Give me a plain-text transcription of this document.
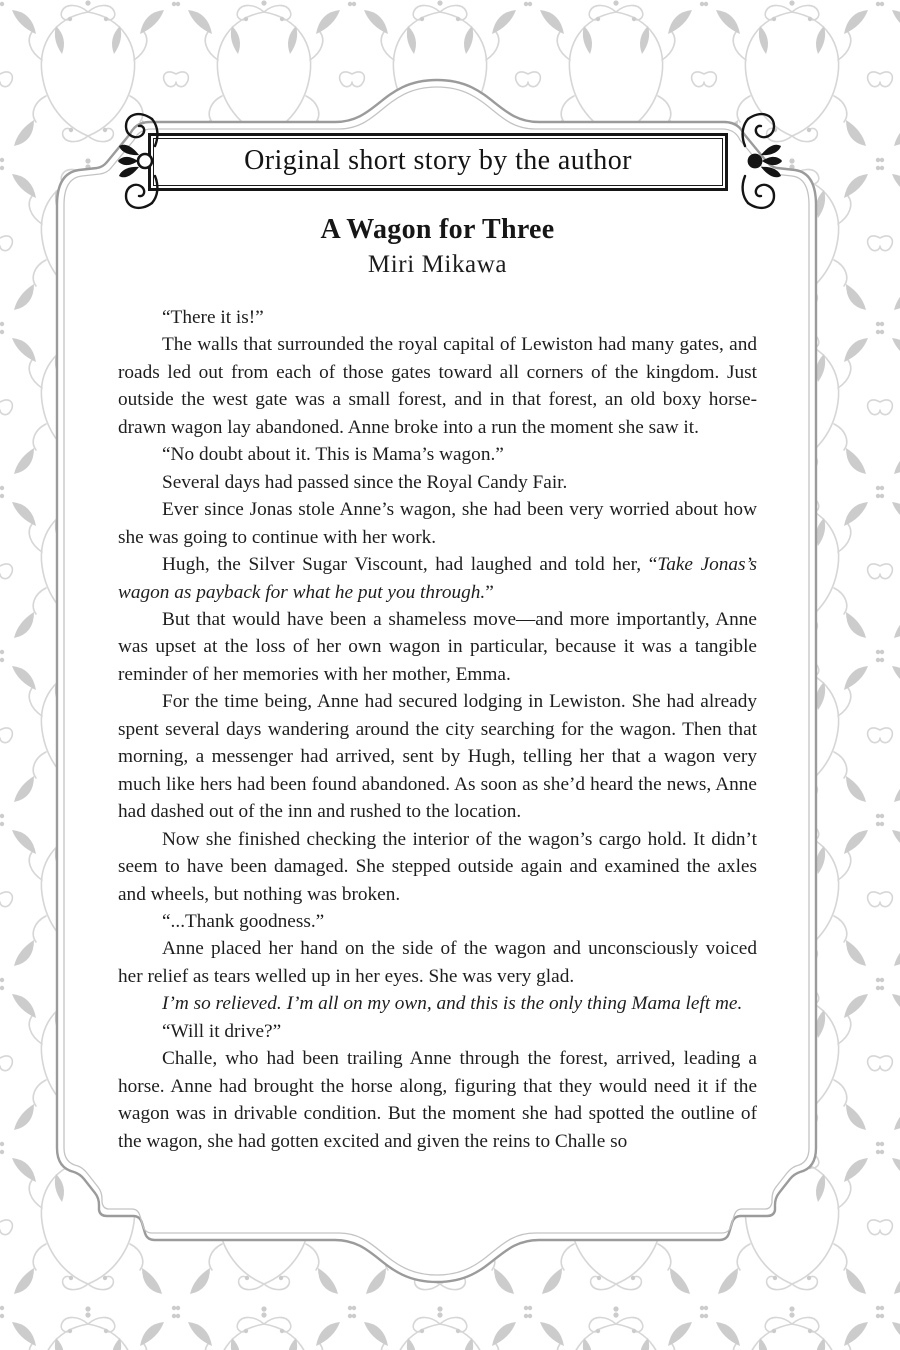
Original short story by the author
A Wagon for Three
Miri Mikawa

“There it is!”

The walls that surrounded the royal capital of Lewiston had many gates, and roads led out from each of those gates toward all corners of the kingdom. Just outside the west gate was a small forest, and in that forest, an old boxy horse-drawn wagon lay abandoned. Anne broke into a run the moment she saw it.

“No doubt about it. This is Mama’s wagon.”

Several days had passed since the Royal Candy Fair.

Ever since Jonas stole Anne’s wagon, she had been very worried about how she was going to continue with her work.

Hugh, the Silver Sugar Viscount, had laughed and told her, “Take Jonas’s wagon as payback for what he put you through.”

But that would have been a shameless move—and more importantly, Anne was upset at the loss of her own wagon in particular, because it was a tangible reminder of her memories with her mother, Emma.

For the time being, Anne had secured lodging in Lewiston. She had already spent several days wandering around the city searching for the wagon. Then that morning, a messenger had arrived, sent by Hugh, telling her that a wagon very much like hers had been found abandoned. As soon as she’d heard the news, Anne had dashed out of the inn and rushed to the location.

Now she finished checking the interior of the wagon’s cargo hold. It didn’t seem to have been damaged. She stepped outside again and examined the axles and wheels, but nothing was broken.

“...Thank goodness.”

Anne placed her hand on the side of the wagon and unconsciously voiced her relief as tears welled up in her eyes. She was very glad.

I’m so relieved. I’m all on my own, and this is the only thing Mama left me.

“Will it drive?”

Challe, who had been trailing Anne through the forest, arrived, leading a horse. Anne had brought the horse along, figuring that they would need it if the wagon was in drivable condition. But the moment she had spotted the outline of the wagon, she had gotten excited and given the reins to Challe so
